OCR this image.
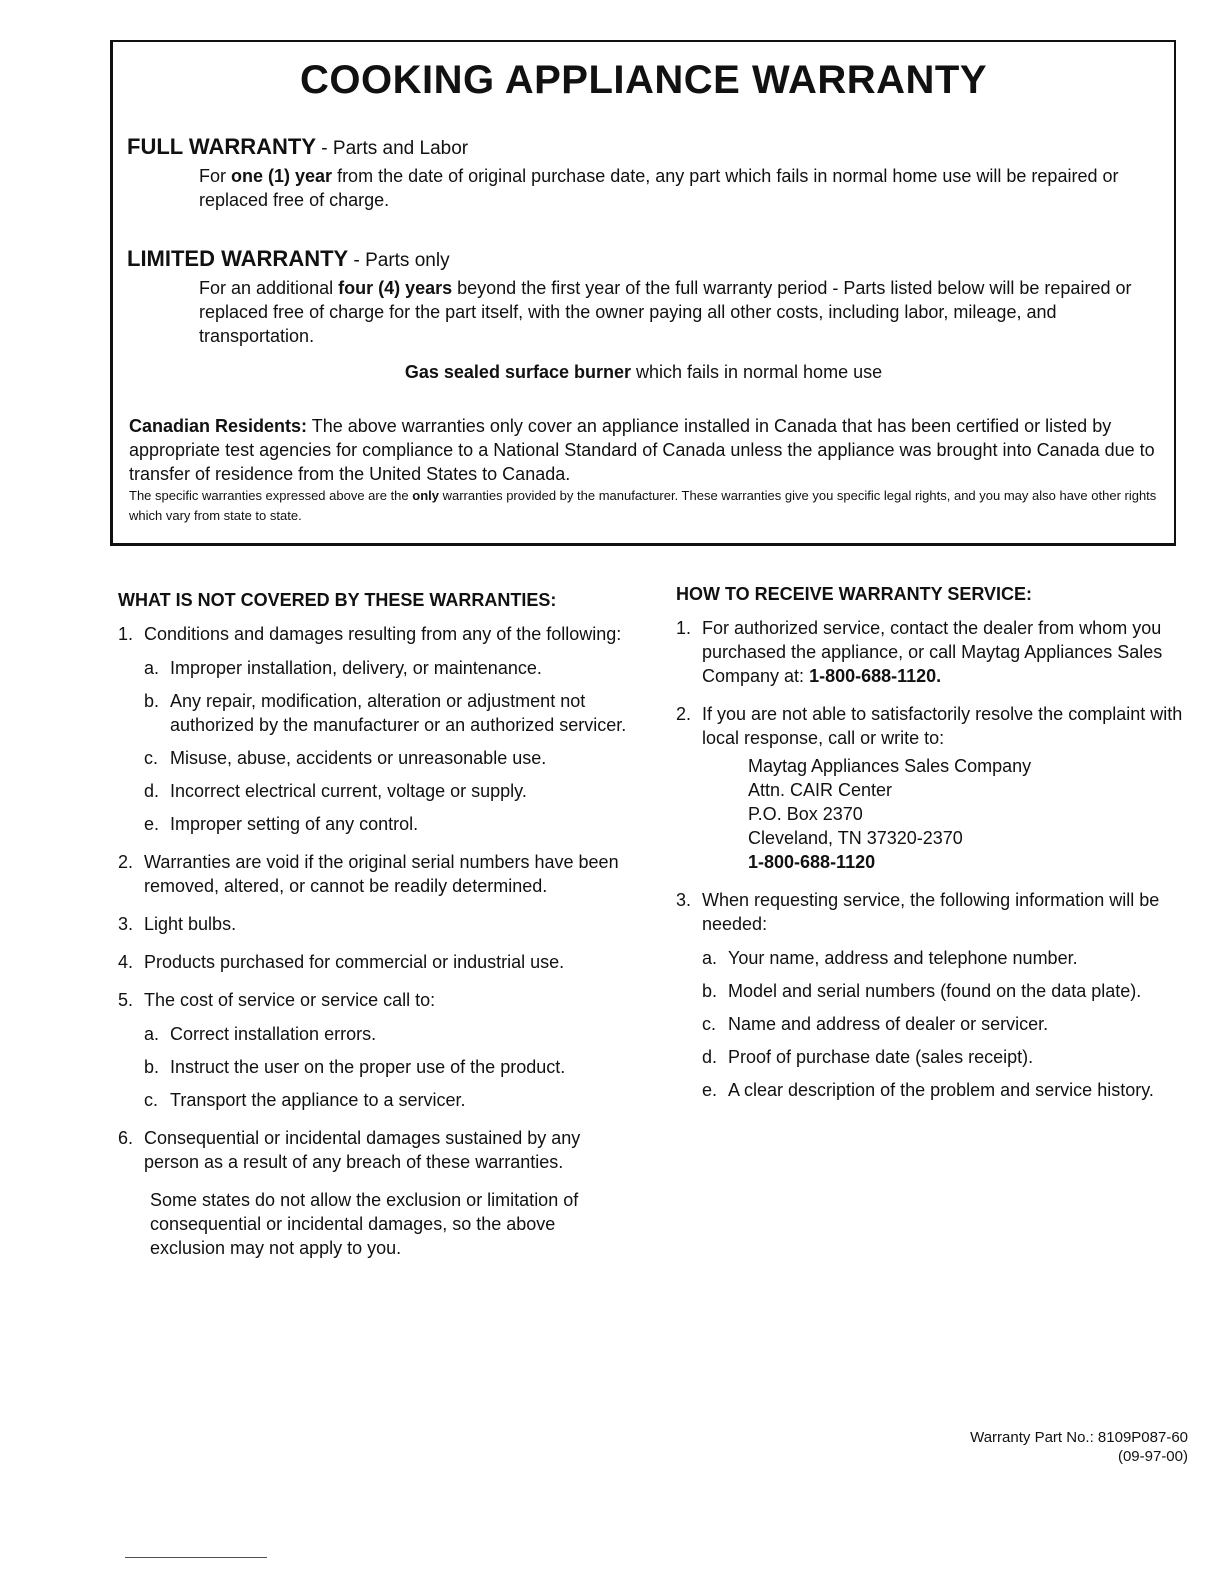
COOKING APPLIANCE WARRANTY
FULL WARRANTY - Parts and Labor
For one (1) year from the date of original purchase date, any part which fails in normal home use will be repaired or replaced free of charge.
LIMITED WARRANTY - Parts only
For an additional four (4) years beyond the first year of the full warranty period - Parts listed below will be repaired or replaced free of charge for the part itself, with the owner paying all other costs, including labor, mileage, and transportation.
Gas sealed surface burner which fails in normal home use
Canadian Residents: The above warranties only cover an appliance installed in Canada that has been certified or listed by appropriate test agencies for compliance to a National Standard of Canada unless the appliance was brought into Canada due to transfer of residence from the United States to Canada.
The specific warranties expressed above are the only warranties provided by the manufacturer. These warranties give you specific legal rights, and you may also have other rights which vary from state to state.
WHAT IS NOT COVERED BY THESE WARRANTIES:
1. Conditions and damages resulting from any of the following:
a. Improper installation, delivery, or maintenance.
b. Any repair, modification, alteration or adjustment not authorized by the manufacturer or an authorized servicer.
c. Misuse, abuse, accidents or unreasonable use.
d. Incorrect electrical current, voltage or supply.
e. Improper setting of any control.
2. Warranties are void if the original serial numbers have been removed, altered, or cannot be readily determined.
3. Light bulbs.
4. Products purchased for commercial or industrial use.
5. The cost of service or service call to:
a. Correct installation errors.
b. Instruct the user on the proper use of the product.
c. Transport the appliance to a servicer.
6. Consequential or incidental damages sustained by any person as a result of any breach of these warranties.
Some states do not allow the exclusion or limitation of consequential or incidental damages, so the above exclusion may not apply to you.
HOW TO RECEIVE WARRANTY SERVICE:
1. For authorized service, contact the dealer from whom you purchased the appliance, or call Maytag Appliances Sales Company at: 1-800-688-1120.
2. If you are not able to satisfactorily resolve the complaint with local response, call or write to:
Maytag Appliances Sales Company
Attn. CAIR Center
P.O. Box 2370
Cleveland, TN 37320-2370
1-800-688-1120
3. When requesting service, the following information will be needed:
a. Your name, address and telephone number.
b. Model and serial numbers (found on the data plate).
c. Name and address of dealer or servicer.
d. Proof of purchase date (sales receipt).
e. A clear description of the problem and service history.
Warranty Part No.: 8109P087-60
(09-97-00)
